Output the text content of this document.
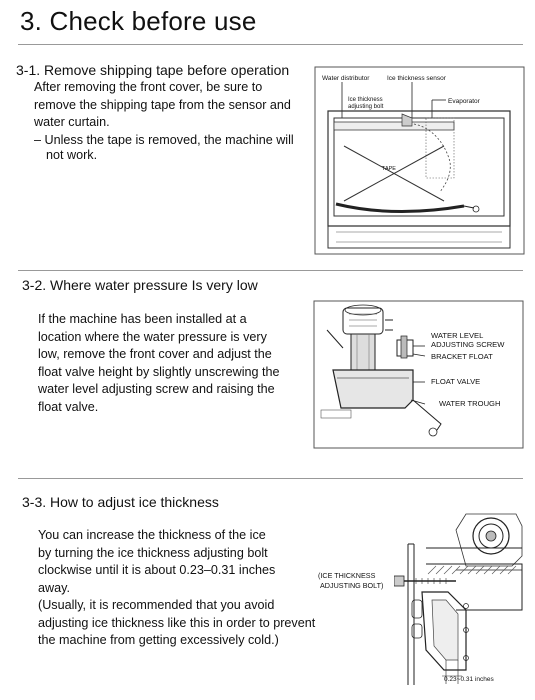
3. Check before use
3-1. Remove shipping tape before operation
After removing the front cover, be sure to
remove the shipping tape from the sensor and
water curtain.
– Unless the tape is removed, the machine will
not work.
Water distributor	Ice thickness sensor
Ice thickness
adjusting bolt
Evaporator
TAPE
3-2. Where water pressure Is very low
If the machine has been installed at a
location where the water pressure is very
low, remove the front cover and adjust the
float valve height by slightly unscrewing the
water level adjusting screw and raising the
float valve.
WATER LEVEL
ADJUSTING SCREW
BRACKET FLOAT
FLOAT VALVE
WATER TROUGH
3-3. How to adjust ice thickness
You can increase the thickness of the ice
by turning the ice thickness adjusting bolt
clockwise until it is about 0.23–0.31 inches
away.
(Usually, it is recommended that you avoid
adjusting ice thickness like this in order to prevent
the machine from getting excessively cold.)
(ICE THICKNESS
ADJUSTING BOLT)
0.23~0.31 inches
